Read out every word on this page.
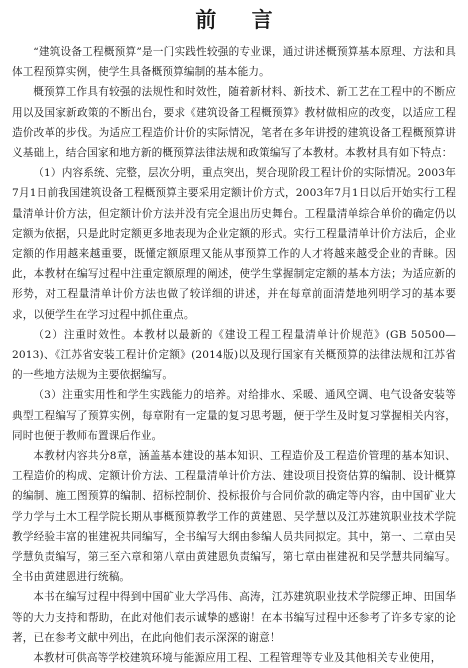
前 言

“建筑设备工程概预算”是一门实践性较强的专业课，通过讲述概预算基本原理、方法和具体工程预算实例，使学生具备概预算编制的基本能力。

概预算工作具有较强的法规性和时效性，随着新材料、新技术、新工艺在工程中的不断应用以及国家新政策的不断出台，要求《建筑设备工程概预算》教材做相应的改变，以适应工程造价改革的步伐。为适应工程造价计价的实际情况，笔者在多年讲授的建筑设备工程概预算讲义基础上，结合国家和地方新的概预算法律法规和政策编写了本教材。本教材具有如下特点：

（1）内容系统、完整，层次分明，重点突出，契合现阶段工程计价的实际情况。2003年7月1日前我国建筑设备工程概预算主要采用定额计价方式，2003年7月1日以后开始实行工程量清单计价方法，但定额计价方法并没有完全退出历史舞台。工程量清单综合单价的确定仍以定额为依据，只是此时定额更多地表现为企业定额的形式。实行工程量清单计价方法后，企业定额的作用越来越重要，既懂定额原理又能从事预算工作的人才将越来越受企业的青睐。因此，本教材在编写过程中注重定额原理的阐述，使学生掌握制定定额的基本方法；为适应新的形势，对工程量清单计价方法也做了较详细的讲述，并在每章前面清楚地列明学习的基本要求，以便学生在学习过程中抓住重点。

（2）注重时效性。本教材以最新的《建设工程工程量清单计价规范》(GB 50500—2013)、《江苏省安装工程计价定额》(2014版)以及现行国家有关概预算的法律法规和江苏省的一些地方法规为主要依据编写。

（3）注重实用性和学生实践能力的培养。对给排水、采暖、通风空调、电气设备安装等典型工程编写了预算实例，每章附有一定量的复习思考题，便于学生及时复习掌握相关内容，同时也便于教师布置课后作业。

本教材内容共分8章，涵盖基本建设的基本知识、工程造价及工程造价管理的基本知识、工程造价的构成、定额计价方法、工程量清单计价方法、建设项目投资估算的编制、设计概算的编制、施工图预算的编制、招标控制价、投标报价与合同价款的确定等内容，由中国矿业大学力学与土木工程学院长期从事概预算教学工作的黄建恩、吴学慧以及江苏建筑职业技术学院教学经验丰富的崔建祝共同编写，全书编写大纲由参编人员共同拟定。其中，第一、二章由吴学慧负责编写，第三至六章和第八章由黄建恩负责编写，第七章由崔建祝和吴学慧共同编写。全书由黄建恩进行统稿。

本书在编写过程中得到中国矿业大学冯伟、高涛，江苏建筑职业技术学院缪正坤、田国华等的大力支持和帮助，在此对他们表示诚挚的感谢！在本书编写过程中还参考了许多专家的论著，已在参考文献中列出，在此向他们表示深深的谢意！

本教材可供高等学校建筑环境与能源应用工程、工程管理等专业及其他相关专业使用，
